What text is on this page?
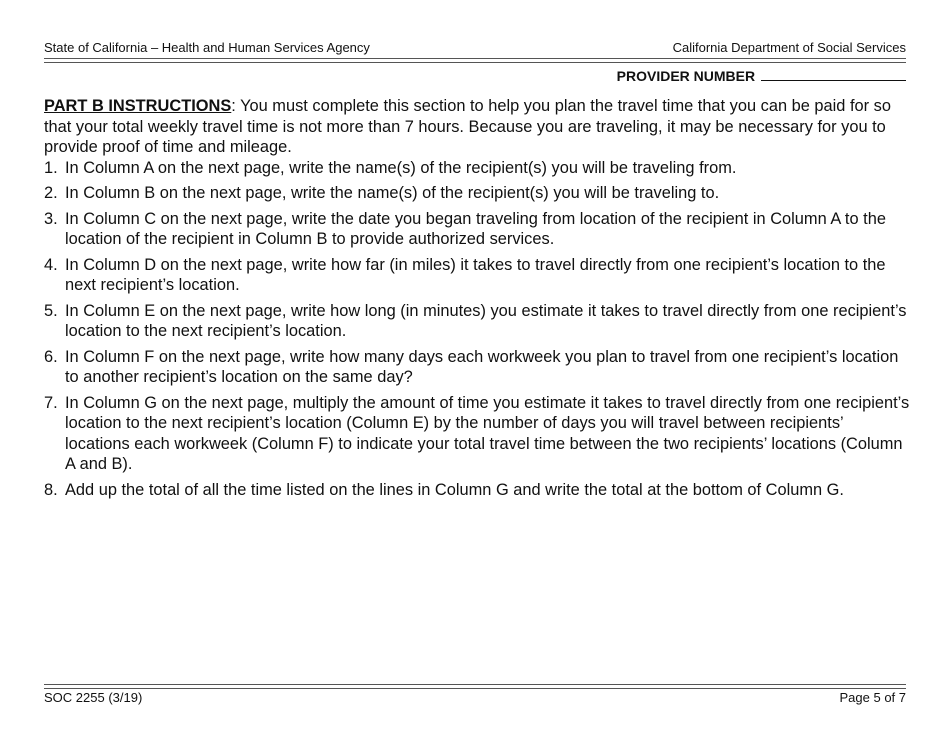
State of California – Health and Human Services Agency	California Department of Social Services
PROVIDER NUMBER

PART B INSTRUCTIONS: You must complete this section to help you plan the travel time that you can be paid for so that your total weekly travel time is not more than 7 hours. Because you are traveling, it may be necessary for you to provide proof of time and mileage.

1. In Column A on the next page, write the name(s) of the recipient(s) you will be traveling from.
2. In Column B on the next page, write the name(s) of the recipient(s) you will be traveling to.
3. In Column C on the next page, write the date you began traveling from location of the recipient in Column A to the location of the recipient in Column B to provide authorized services.
4. In Column D on the next page, write how far (in miles) it takes to travel directly from one recipient’s location to the next recipient’s location.
5. In Column E on the next page, write how long (in minutes) you estimate it takes to travel directly from one recipient’s location to the next recipient’s location.
6. In Column F on the next page, write how many days each workweek you plan to travel from one recipient’s location to another recipient’s location on the same day?
7. In Column G on the next page, multiply the amount of time you estimate it takes to travel directly from one recipient’s location to the next recipient’s location (Column E) by the number of days you will travel between recipients’ locations each workweek (Column F) to indicate your total travel time between the two recipients’ locations (Column A and B).
8. Add up the total of all the time listed on the lines in Column G and write the total at the bottom of Column G.
SOC 2255 (3/19)	Page 5 of 7
